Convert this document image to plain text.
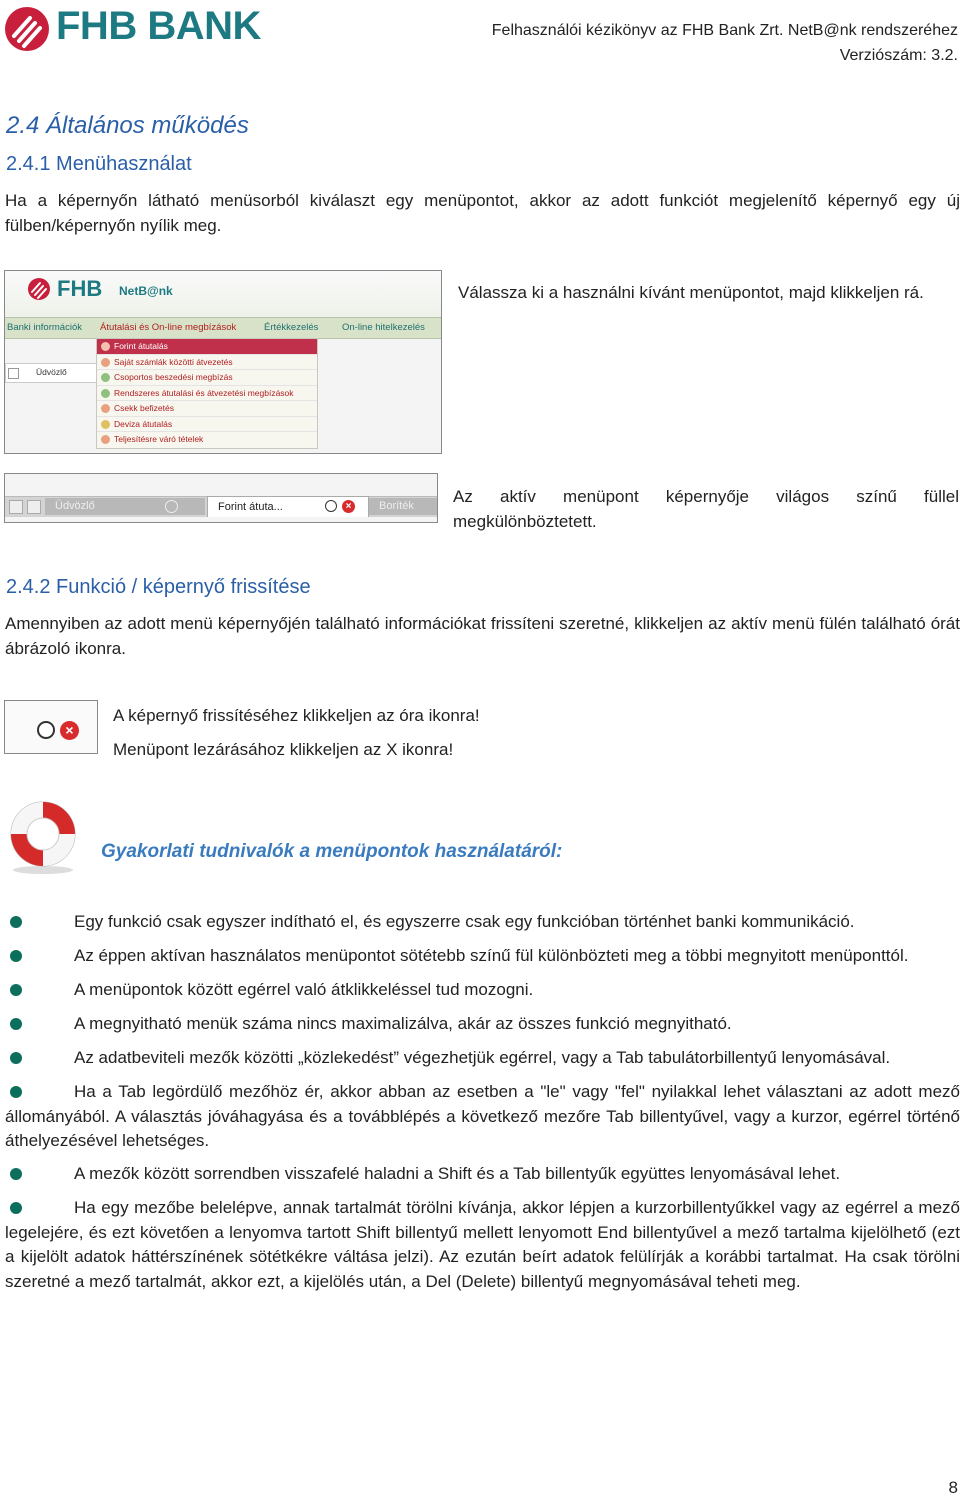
FHB BANK	Felhasználói kézikönyv az FHB Bank Zrt. NetB@nk rendszeréhez
Verziószám: 3.2.
2.4 Általános működés
2.4.1 Menühasználat
Ha a képernyőn látható menüsorból kiválaszt egy menüpontot, akkor az adott funkciót megjelenítő képernyő egy új fülben/képernyőn nyílik meg.
FHB NetB@nk
Banki információk Átutalási és On-line megbízások	Értékkezelés On-line hitelkezelés
Üdvözlő
Forint átutalás
Saját számlák közötti átvezetés
Csoportos beszedési megbízás
Rendszeres átutalási és átvezetési megbízások
Csekk befizetés
Deviza átutalás
Teljesítésre váró tételek
Válassza ki a használni kívánt menüpontot, majd klikkeljen rá.
Üdvözlő	Forint átuta...	×	Boríték Az aktív menüpont képernyője világos színű füllel megkülönböztetett.
2.4.2 Funkció / képernyő frissítése
Amennyiben az adott menü képernyőjén található információkat frissíteni szeretné, klikkeljen az aktív menü fülén található órát ábrázoló ikonra.
×
A képernyő frissítéséhez klikkeljen az óra ikonra!
Menüpont lezárásához klikkeljen az X ikonra!
Gyakorlati tudnivalók a menüpontok használatáról:
Egy funkció csak egyszer indítható el, és egyszerre csak egy funkcióban történhet banki kommunikáció.
Az éppen aktívan használatos menüpontot sötétebb színű fül különbözteti meg a többi megnyitott menüponttól.
A menüpontok között egérrel való átklikkeléssel tud mozogni.
A megnyitható menük száma nincs maximalizálva, akár az összes funkció megnyitható.
Az adatbeviteli mezők közötti „közlekedést” végezhetjük egérrel, vagy a Tab tabulátorbillentyű lenyomásával.
Ha a Tab legördülő mezőhöz ér, akkor abban az esetben a "le" vagy "fel" nyilakkal lehet választani az adott mező állományából. A választás jóváhagyása és a továbblépés a következő mezőre Tab billentyűvel, vagy a kurzor, egérrel történő áthelyezésével lehetséges.
A mezők között sorrendben visszafelé haladni a Shift és a Tab billentyűk együttes lenyomásával lehet.
Ha egy mezőbe belelépve, annak tartalmát törölni kívánja, akkor lépjen a kurzorbillentyűkkel vagy az egérrel a mező legelejére, és ezt követően a lenyomva tartott Shift billentyű mellett lenyomott End billentyűvel a mező tartalma kijelölhető (ezt a kijelölt adatok háttérszínének sötétkékre váltása jelzi). Az ezután beírt adatok felülírják a korábbi tartalmat. Ha csak törölni szeretné a mező tartalmát, akkor ezt, a kijelölés után, a Del (Delete) billentyű megnyomásával teheti meg.
8
